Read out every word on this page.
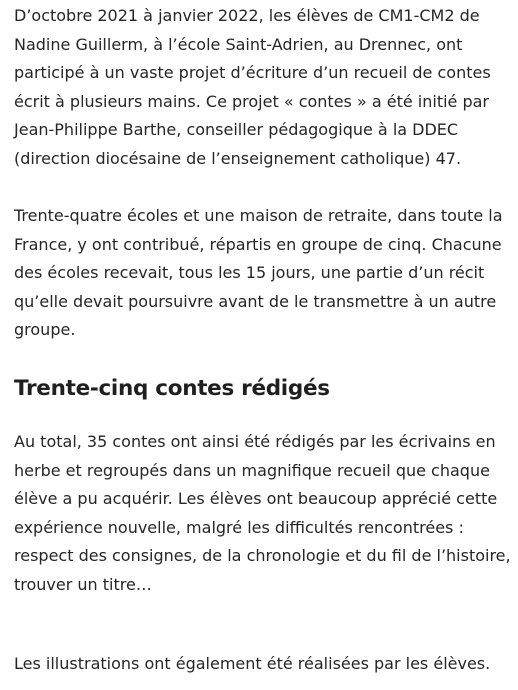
D’octobre 2021 à janvier 2022, les élèves de CM1-CM2 de Nadine Guillerm, à l’école Saint-Adrien, au Drennec, ont participé à un vaste projet d’écriture d’un recueil de contes écrit à plusieurs mains. Ce projet « contes » a été initié par Jean-Philippe Barthe, conseiller pédagogique à la DDEC (direction diocésaine de l’enseignement catholique) 47.

Trente-quatre écoles et une maison de retraite, dans toute la France, y ont contribué, répartis en groupe de cinq. Chacune des écoles recevait, tous les 15 jours, une partie d’un récit qu’elle devait poursuivre avant de le transmettre à un autre groupe.

Trente-cinq contes rédigés

Au total, 35 contes ont ainsi été rédigés par les écrivains en herbe et regroupés dans un magnifique recueil que chaque élève a pu acquérir. Les élèves ont beaucoup apprécié cette expérience nouvelle, malgré les difficultés rencontrées : respect des consignes, de la chronologie et du fil de l’histoire, trouver un titre…

Les illustrations ont également été réalisées par les élèves.
